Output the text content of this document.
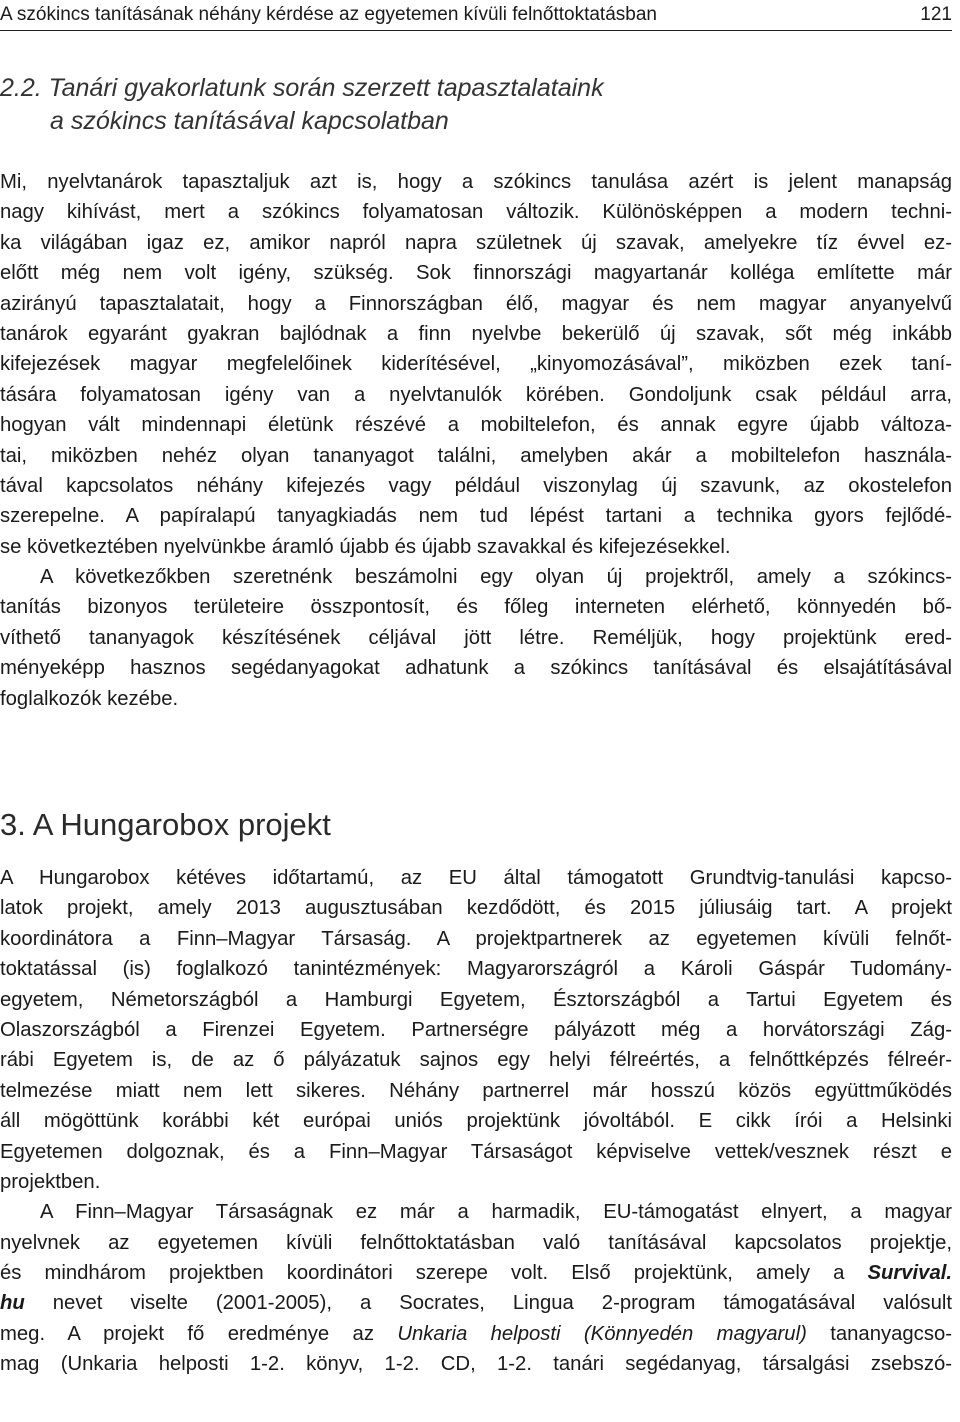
A szókincs tanításának néhány kérdése az egyetemen kívüli felnőttoktatásban	121
2.2. Tanári gyakorlatunk során szerzett tapasztalataink
a szókincs tanításával kapcsolatban
Mi, nyelvtanárok tapasztaljuk azt is, hogy a szókincs tanulása azért is jelent manapság
nagy kihívást, mert a szókincs folyamatosan változik. Különösképpen a modern techni-
ka világában igaz ez, amikor napról napra születnek új szavak, amelyekre tíz évvel ez-
előtt még nem volt igény, szükség. Sok finnországi magyartanár kolléga említette már
azirányú tapasztalatait, hogy a Finnországban élő, magyar és nem magyar anyanyelvű
tanárok egyaránt gyakran bajlódnak a finn nyelvbe bekerülő új szavak, sőt még inkább
kifejezések magyar megfelelőinek kiderítésével, „kinyomozásával”, miközben ezek taní-
tására folyamatosan igény van a nyelvtanulók körében. Gondoljunk csak például arra,
hogyan vált mindennapi életünk részévé a mobiltelefon, és annak egyre újabb változa-
tai, miközben nehéz olyan tananyagot találni, amelyben akár a mobiltelefon használa-
tával kapcsolatos néhány kifejezés vagy például viszonylag új szavunk, az okostelefon
szerepelne. A papíralapú tanyagkiadás nem tud lépést tartani a technika gyors fejlődé-
se következtében nyelvünkbe áramló újabb és újabb szavakkal és kifejezésekkel.
A következőkben szeretnénk beszámolni egy olyan új projektről, amely a szókincs-
tanítás bizonyos területeire összpontosít, és főleg interneten elérhető, könnyedén bő-
víthető tananyagok készítésének céljával jött létre. Reméljük, hogy projektünk ered-
ményeképp hasznos segédanyagokat adhatunk a szókincs tanításával és elsajátításával
foglalkozók kezébe.
3. A Hungarobox projekt
A Hungarobox kétéves időtartamú, az EU által támogatott Grundtvig-tanulási kapcso-
latok projekt, amely 2013 augusztusában kezdődött, és 2015 júliusáig tart. A projekt
koordinátora a Finn–Magyar Társaság. A projektpartnerek az egyetemen kívüli felnőt-
toktatással (is) foglalkozó tanintézmények: Magyarországról a Károli Gáspár Tudomány-
egyetem, Németországból a Hamburgi Egyetem, Észtországból a Tartui Egyetem és
Olaszországból a Firenzei Egyetem. Partnerségre pályázott még a horvátországi Zág-
rábi Egyetem is, de az ő pályázatuk sajnos egy helyi félreértés, a felnőttképzés félreér-
telmezése miatt nem lett sikeres. Néhány partnerrel már hosszú közös együttműködés
áll mögöttünk korábbi két európai uniós projektünk jóvoltából. E cikk írói a Helsinki
Egyetemen dolgoznak, és a Finn–Magyar Társaságot képviselve vettek/vesznek részt e
projektben.
A Finn–Magyar Társaságnak ez már a harmadik, EU-támogatást elnyert, a magyar
nyelvnek az egyetemen kívüli felnőttoktatásban való tanításával kapcsolatos projektje,
és mindhárom projektben koordinátori szerepe volt. Első projektünk, amely a Survival.
hu nevet viselte (2001-2005), a Socrates, Lingua 2-program támogatásával valósult
meg. A projekt fő eredménye az Unkaria helposti (Könnyedén magyarul) tananyagcso-
mag (Unkaria helposti 1-2. könyv, 1-2. CD, 1-2. tanári segédanyag, társalgási zsebszó-
